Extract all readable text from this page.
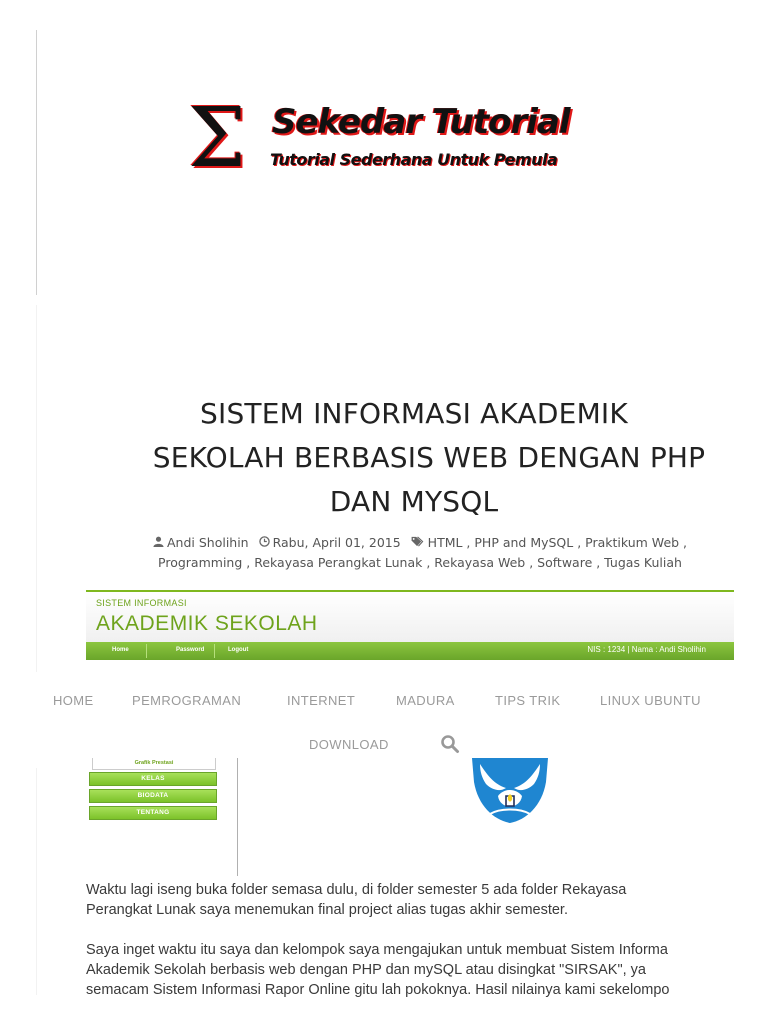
Σ Sekedar Tutorial
Tutorial Sederhana Untuk Pemula
SISTEM INFORMASI AKADEMIK
SEKOLAH BERBASIS WEB DENGAN PHP
DAN MYSQL
Andi Sholihin Rabu, April 01, 2015 HTML , PHP and MySQL , Praktikum Web ,
Programming , Rekayasa Perangkat Lunak , Rekayasa Web , Software , Tugas Kuliah
SISTEM INFORMASI
AKADEMIK SEKOLAH
Home	Password	Logout	NIS : 1234 | Nama : Andi Sholihin
HOME	PEMROGRAMAN	INTERNET	MADURA	TIPS TRIK	LINUX UBUNTU
DOWNLOAD
Grafik Prestasi
KELAS
BIODATA
TENTANG

Waktu lagi iseng buka folder semasa dulu, di folder semester 5 ada folder Rekayasa
Perangkat Lunak saya menemukan final project alias tugas akhir semester.

Saya inget waktu itu saya dan kelompok saya mengajukan untuk membuat Sistem Informa
Akademik Sekolah berbasis web dengan PHP dan mySQL atau disingkat "SIRSAK", ya
semacam Sistem Informasi Rapor Online gitu lah pokoknya. Hasil nilainya kami sekelompo
